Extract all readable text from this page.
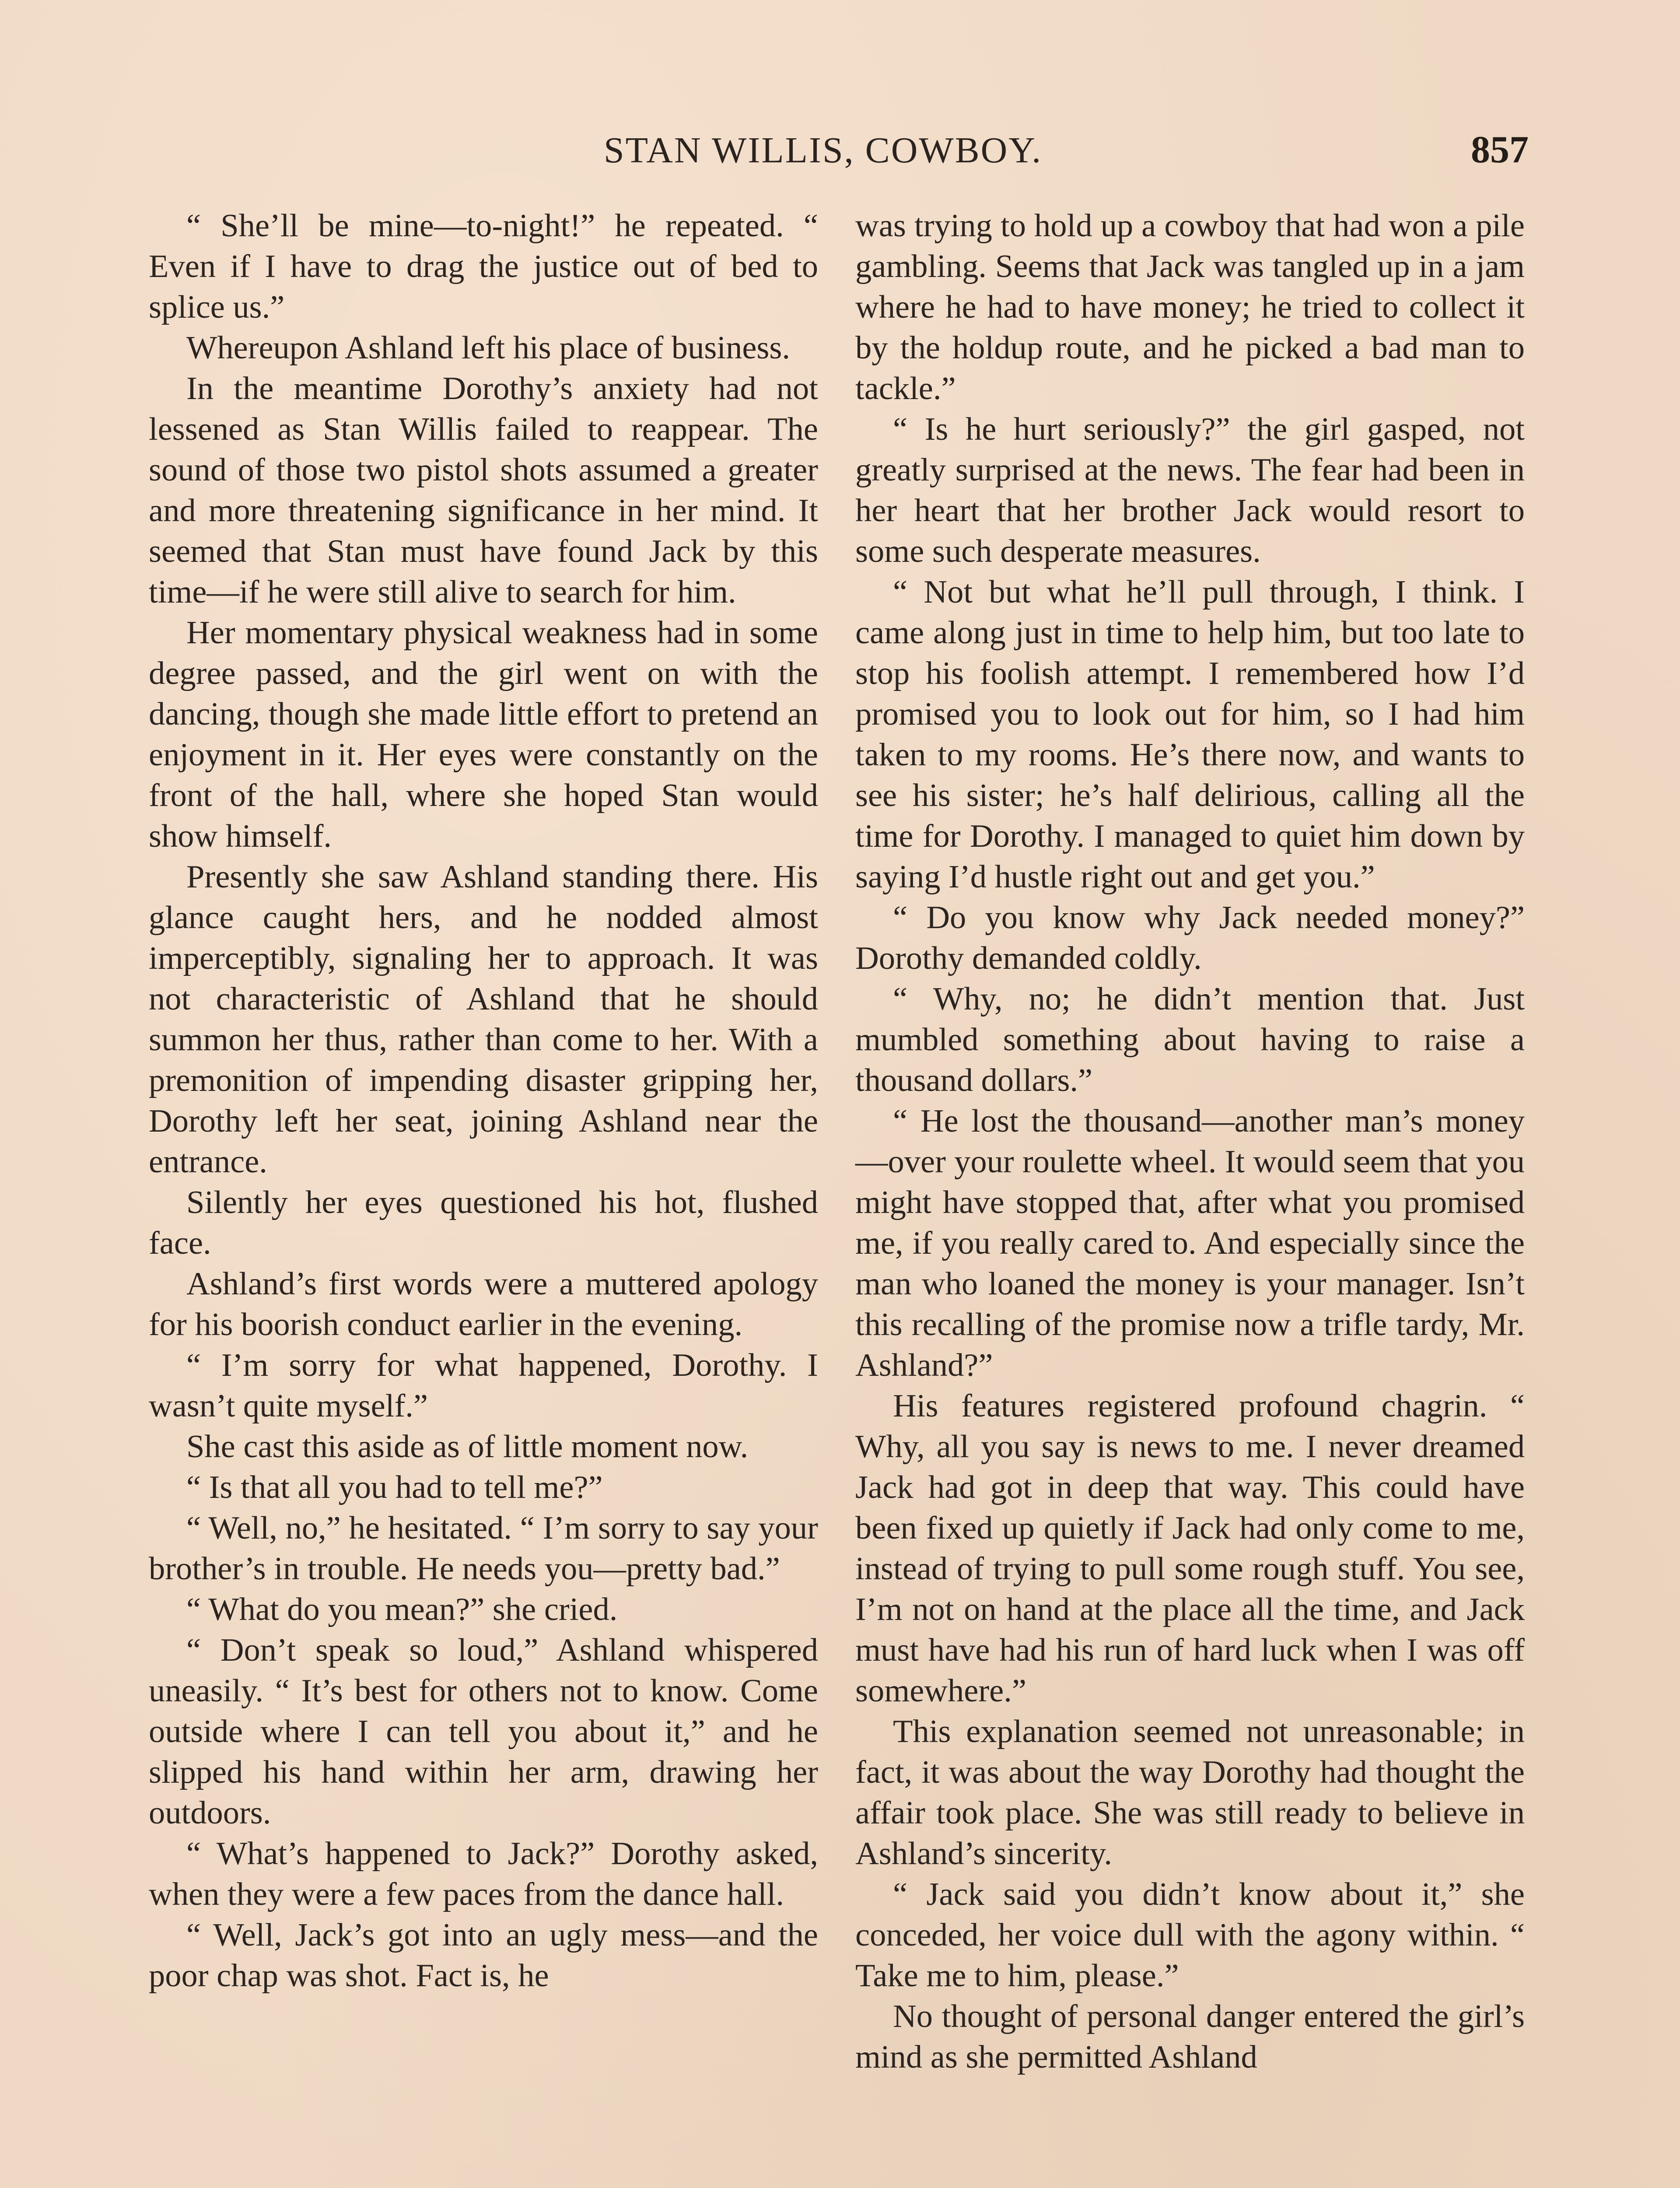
STAN WILLIS, COWBOY.	857

“ She’ll be mine—to-night!” he repeated. “ Even if I have to drag the justice out of bed to splice us.”

Whereupon Ashland left his place of business.

In the meantime Dorothy’s anxiety had not lessened as Stan Willis failed to reappear. The sound of those two pistol shots assumed a greater and more threatening significance in her mind. It seemed that Stan must have found Jack by this time—if he were still alive to search for him.

Her momentary physical weakness had in some degree passed, and the girl went on with the dancing, though she made little effort to pretend an enjoyment in it. Her eyes were constantly on the front of the hall, where she hoped Stan would show himself.

Presently she saw Ashland standing there. His glance caught hers, and he nodded almost imperceptibly, signaling her to approach. It was not characteristic of Ashland that he should summon her thus, rather than come to her. With a premonition of impending disaster gripping her, Dorothy left her seat, joining Ashland near the entrance.

Silently her eyes questioned his hot, flushed face.

Ashland’s first words were a muttered apology for his boorish conduct earlier in the evening.

“ I’m sorry for what happened, Dorothy. I wasn’t quite myself.”

She cast this aside as of little moment now.

“ Is that all you had to tell me?”

“ Well, no,” he hesitated. “ I’m sorry to say your brother’s in trouble. He needs you—pretty bad.”

“ What do you mean?” she cried.

“ Don’t speak so loud,” Ashland whispered uneasily. “ It’s best for others not to know. Come outside where I can tell you about it,” and he slipped his hand within her arm, drawing her outdoors.

“ What’s happened to Jack?” Dorothy asked, when they were a few paces from the dance hall.

“ Well, Jack’s got into an ugly mess—and the poor chap was shot. Fact is, he

was trying to hold up a cowboy that had won a pile gambling. Seems that Jack was tangled up in a jam where he had to have money; he tried to collect it by the holdup route, and he picked a bad man to tackle.”

“ Is he hurt seriously?” the girl gasped, not greatly surprised at the news. The fear had been in her heart that her brother Jack would resort to some such desperate measures.

“ Not but what he’ll pull through, I think. I came along just in time to help him, but too late to stop his foolish attempt. I remembered how I’d promised you to look out for him, so I had him taken to my rooms. He’s there now, and wants to see his sister; he’s half delirious, calling all the time for Dorothy. I managed to quiet him down by saying I’d hustle right out and get you.”

“ Do you know why Jack needed money?” Dorothy demanded coldly.

“ Why, no; he didn’t mention that. Just mumbled something about having to raise a thousand dollars.”

“ He lost the thousand—another man’s money—over your roulette wheel. It would seem that you might have stopped that, after what you promised me, if you really cared to. And especially since the man who loaned the money is your manager. Isn’t this recalling of the promise now a trifle tardy, Mr. Ashland?”

His features registered profound chagrin. “ Why, all you say is news to me. I never dreamed Jack had got in deep that way. This could have been fixed up quietly if Jack had only come to me, instead of trying to pull some rough stuff. You see, I’m not on hand at the place all the time, and Jack must have had his run of hard luck when I was off somewhere.”

This explanation seemed not unreasonable; in fact, it was about the way Dorothy had thought the affair took place. She was still ready to believe in Ashland’s sincerity.

“ Jack said you didn’t know about it,” she conceded, her voice dull with the agony within. “ Take me to him, please.”

No thought of personal danger entered the girl’s mind as she permitted Ashland
